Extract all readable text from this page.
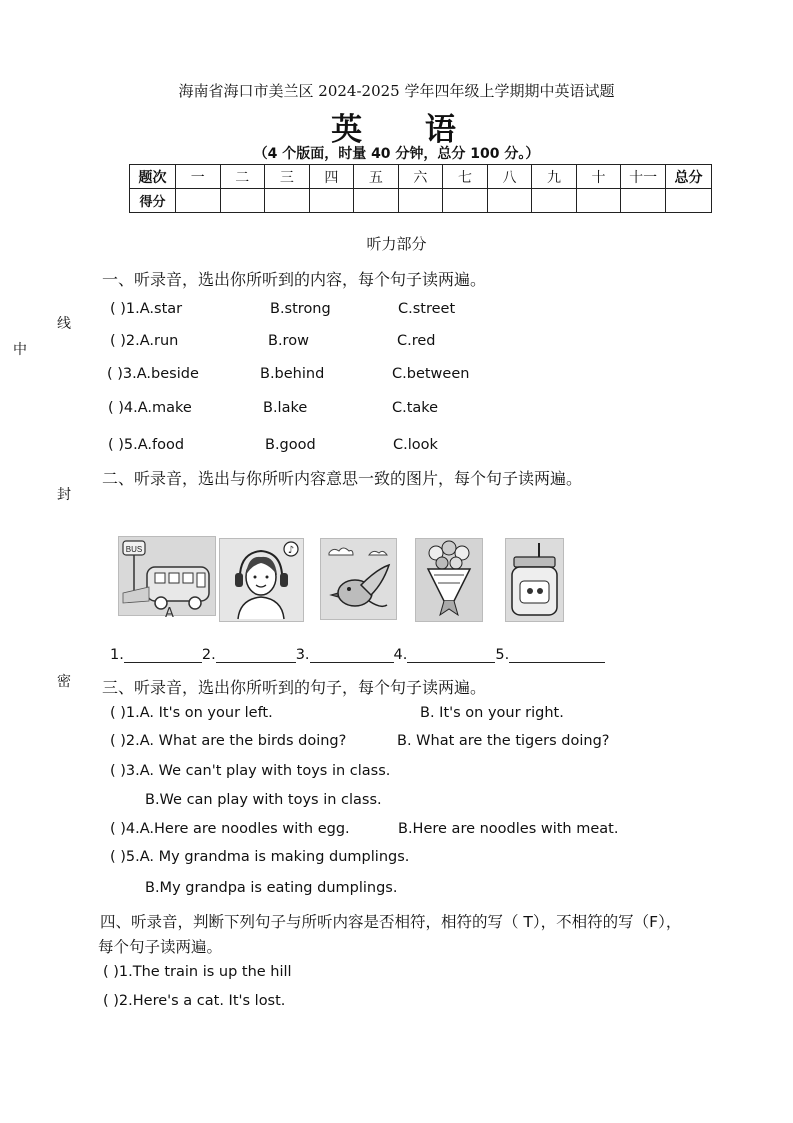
海南省海口市美兰区 2024-2025 学年四年级上学期期中英语试题
英 语
（4 个版面，时量 40 分钟，总分 100 分。）
题次	一	二	三	四	五	六	七	八	九	十	十一	总分
得分												
线
中
封
密
听力部分
一、听录音，选出你所听到的内容，每个句子读两遍。
( )1.A.star	B.strong	C.street
( )2.A.run	B.row	C.red
( )3.A.beside	B.behind	C.between
( )4.A.make	B.lake	C.take
( )5.A.food	B.good	C.look
二、听录音，选出与你所听内容意思一致的图片，每个句子读两遍。
BUS
A
♪
1.	2.	3.	4.	5.
三、听录音，选出你所听到的句子，每个句子读两遍。
( )1.A. It's on your left.	B. It's on your right.
( )2.A. What are the birds doing?	B. What are the tigers doing?
( )3.A. We can't play with toys in class.
B.We can play with toys in class.
( )4.A.Here are noodles with egg.	B.Here are noodles with meat.
( )5.A. My grandma is making dumplings.
B.My grandpa is eating dumplings.
四、听录音，判断下列句子与所听内容是否相符，相符的写（ T），不相符的写（F），
每个句子读两遍。
( )1.The train is up the hill
( )2.Here's a cat. It's lost.
